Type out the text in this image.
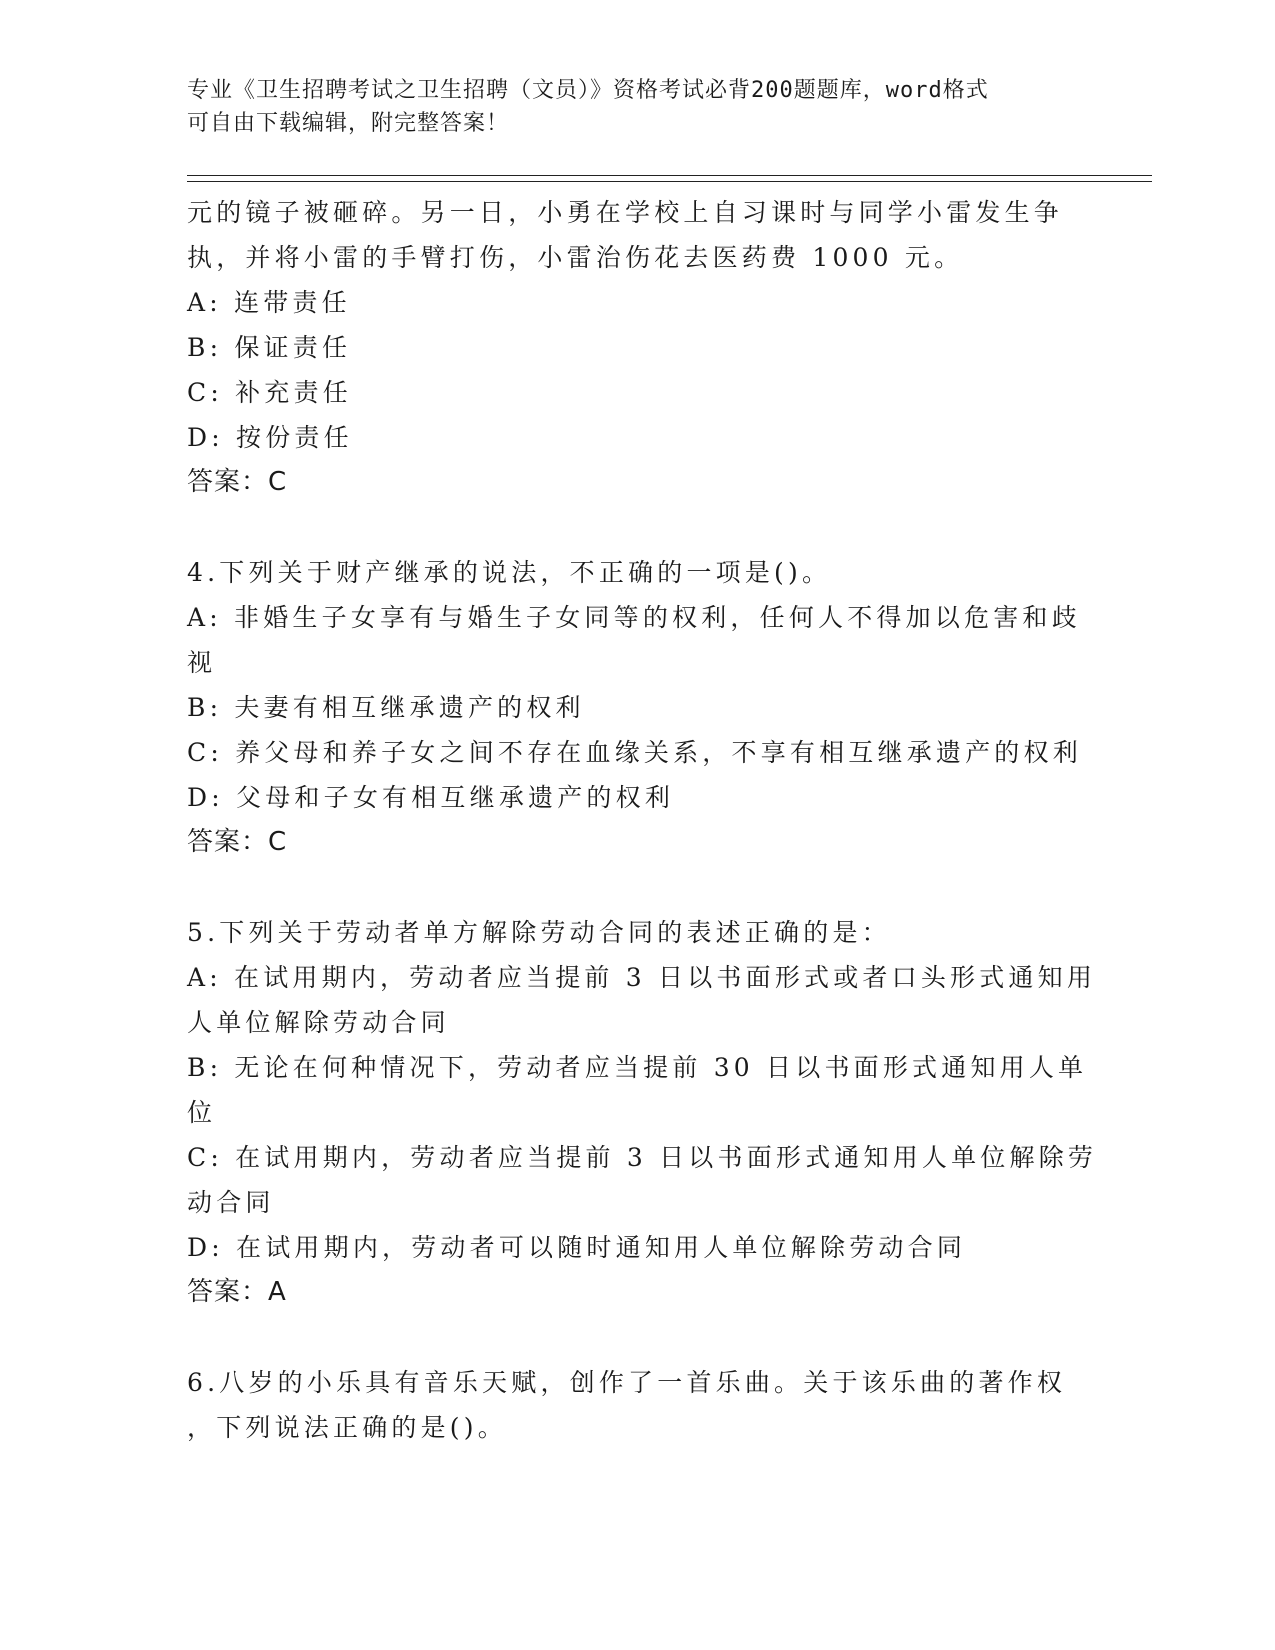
专业《卫生招聘考试之卫生招聘（文员）》资格考试必背200题题库，word格式
可自由下载编辑，附完整答案！
元的镜子被砸碎。另一日，小勇在学校上自习课时与同学小雷发生争
执，并将小雷的手臂打伤，小雷治伤花去医药费 1000 元。
A: 连带责任
B: 保证责任
C: 补充责任
D: 按份责任
答案：C
4.下列关于财产继承的说法，不正确的一项是()。
A: 非婚生子女享有与婚生子女同等的权利，任何人不得加以危害和歧
视
B: 夫妻有相互继承遗产的权利
C: 养父母和养子女之间不存在血缘关系，不享有相互继承遗产的权利
D: 父母和子女有相互继承遗产的权利
答案：C
5.下列关于劳动者单方解除劳动合同的表述正确的是：
A: 在试用期内，劳动者应当提前 3 日以书面形式或者口头形式通知用
人单位解除劳动合同
B: 无论在何种情况下，劳动者应当提前 30 日以书面形式通知用人单
位
C: 在试用期内，劳动者应当提前 3 日以书面形式通知用人单位解除劳
动合同
D: 在试用期内，劳动者可以随时通知用人单位解除劳动合同
答案：A
6.八岁的小乐具有音乐天赋，创作了一首乐曲。关于该乐曲的著作权
，下列说法正确的是()。
